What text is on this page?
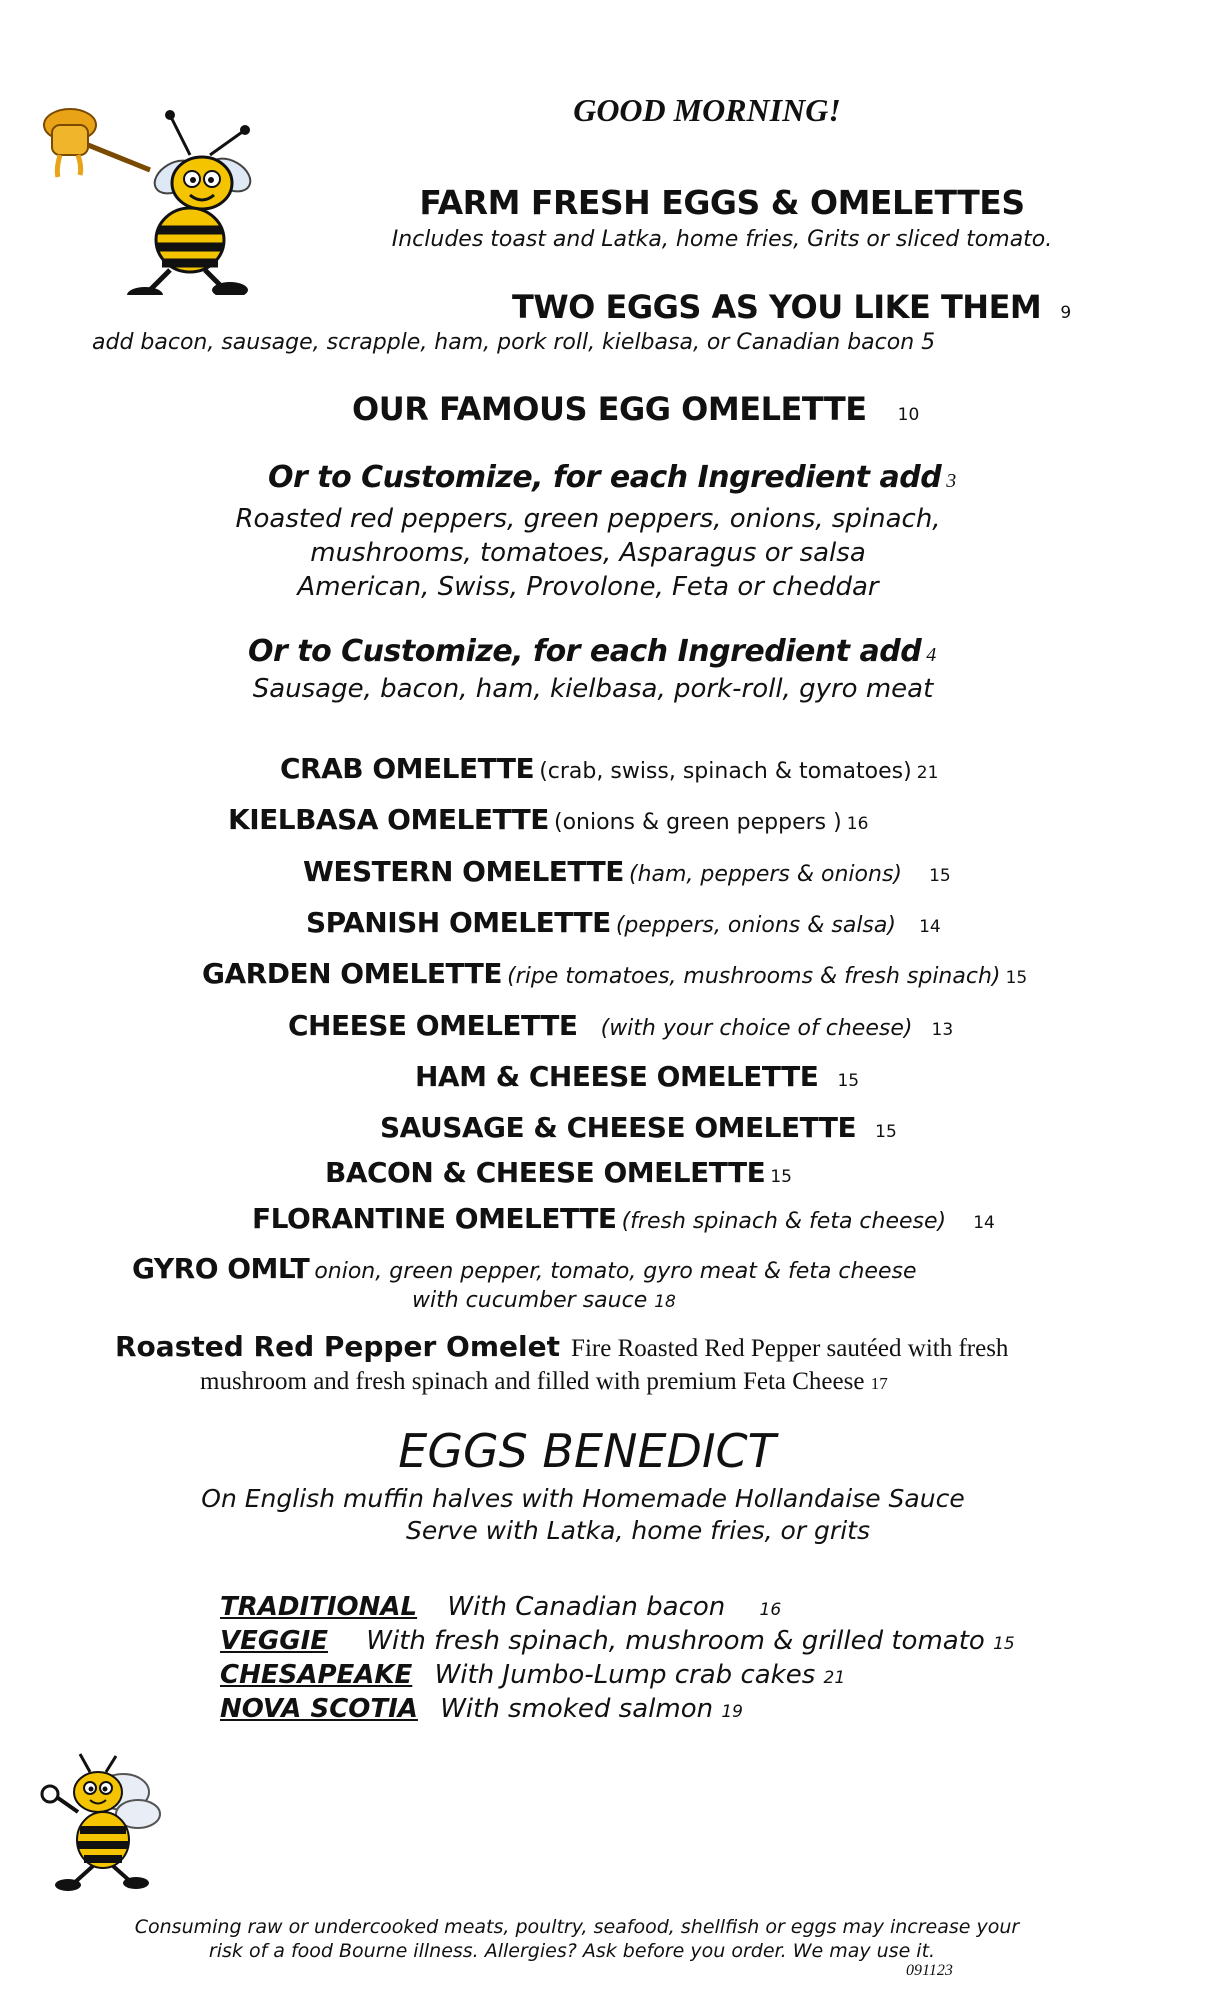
GOOD MORNING!
FARM FRESH EGGS & OMELETTES
Includes toast and Latka, home fries, Grits or sliced tomato.
TWO EGGS AS YOU LIKE THEM 9
add bacon, sausage, scrapple, ham, pork roll, kielbasa, or Canadian bacon 5
OUR FAMOUS EGG OMELETTE 10
Or to Customize, for each Ingredient add 3
Roasted red peppers, green peppers, onions, spinach,
mushrooms, tomatoes, Asparagus or salsa
American, Swiss, Provolone, Feta or cheddar
Or to Customize, for each Ingredient add 4
Sausage, bacon, ham, kielbasa, pork-roll, gyro meat
CRAB OMELETTE (crab, swiss, spinach & tomatoes) 21
KIELBASA OMELETTE (onions & green peppers ) 16
WESTERN OMELETTE (ham, peppers & onions) 15
SPANISH OMELETTE (peppers, onions & salsa) 14
GARDEN OMELETTE (ripe tomatoes, mushrooms & fresh spinach) 15
CHEESE OMELETTE (with your choice of cheese) 13
HAM & CHEESE OMELETTE 15
SAUSAGE & CHEESE OMELETTE 15
BACON & CHEESE OMELETTE 15
FLORANTINE OMELETTE (fresh spinach & feta cheese) 14
GYRO OMLT onion, green pepper, tomato, gyro meat & feta cheese
with cucumber sauce 18
Roasted Red Pepper Omelet Fire Roasted Red Pepper sautéed with fresh
mushroom and fresh spinach and filled with premium Feta Cheese 17
EGGS BENEDICT
On English muffin halves with Homemade Hollandaise Sauce
Serve with Latka, home fries, or grits
TRADITIONAL With Canadian bacon 16
VEGGIE With fresh spinach, mushroom & grilled tomato 15
CHESAPEAKE With Jumbo-Lump crab cakes 21
NOVA SCOTIA With smoked salmon 19
Consuming raw or undercooked meats, poultry, seafood, shellfish or eggs may increase your
risk of a food Bourne illness. Allergies? Ask before you order. We may use it.
091123
